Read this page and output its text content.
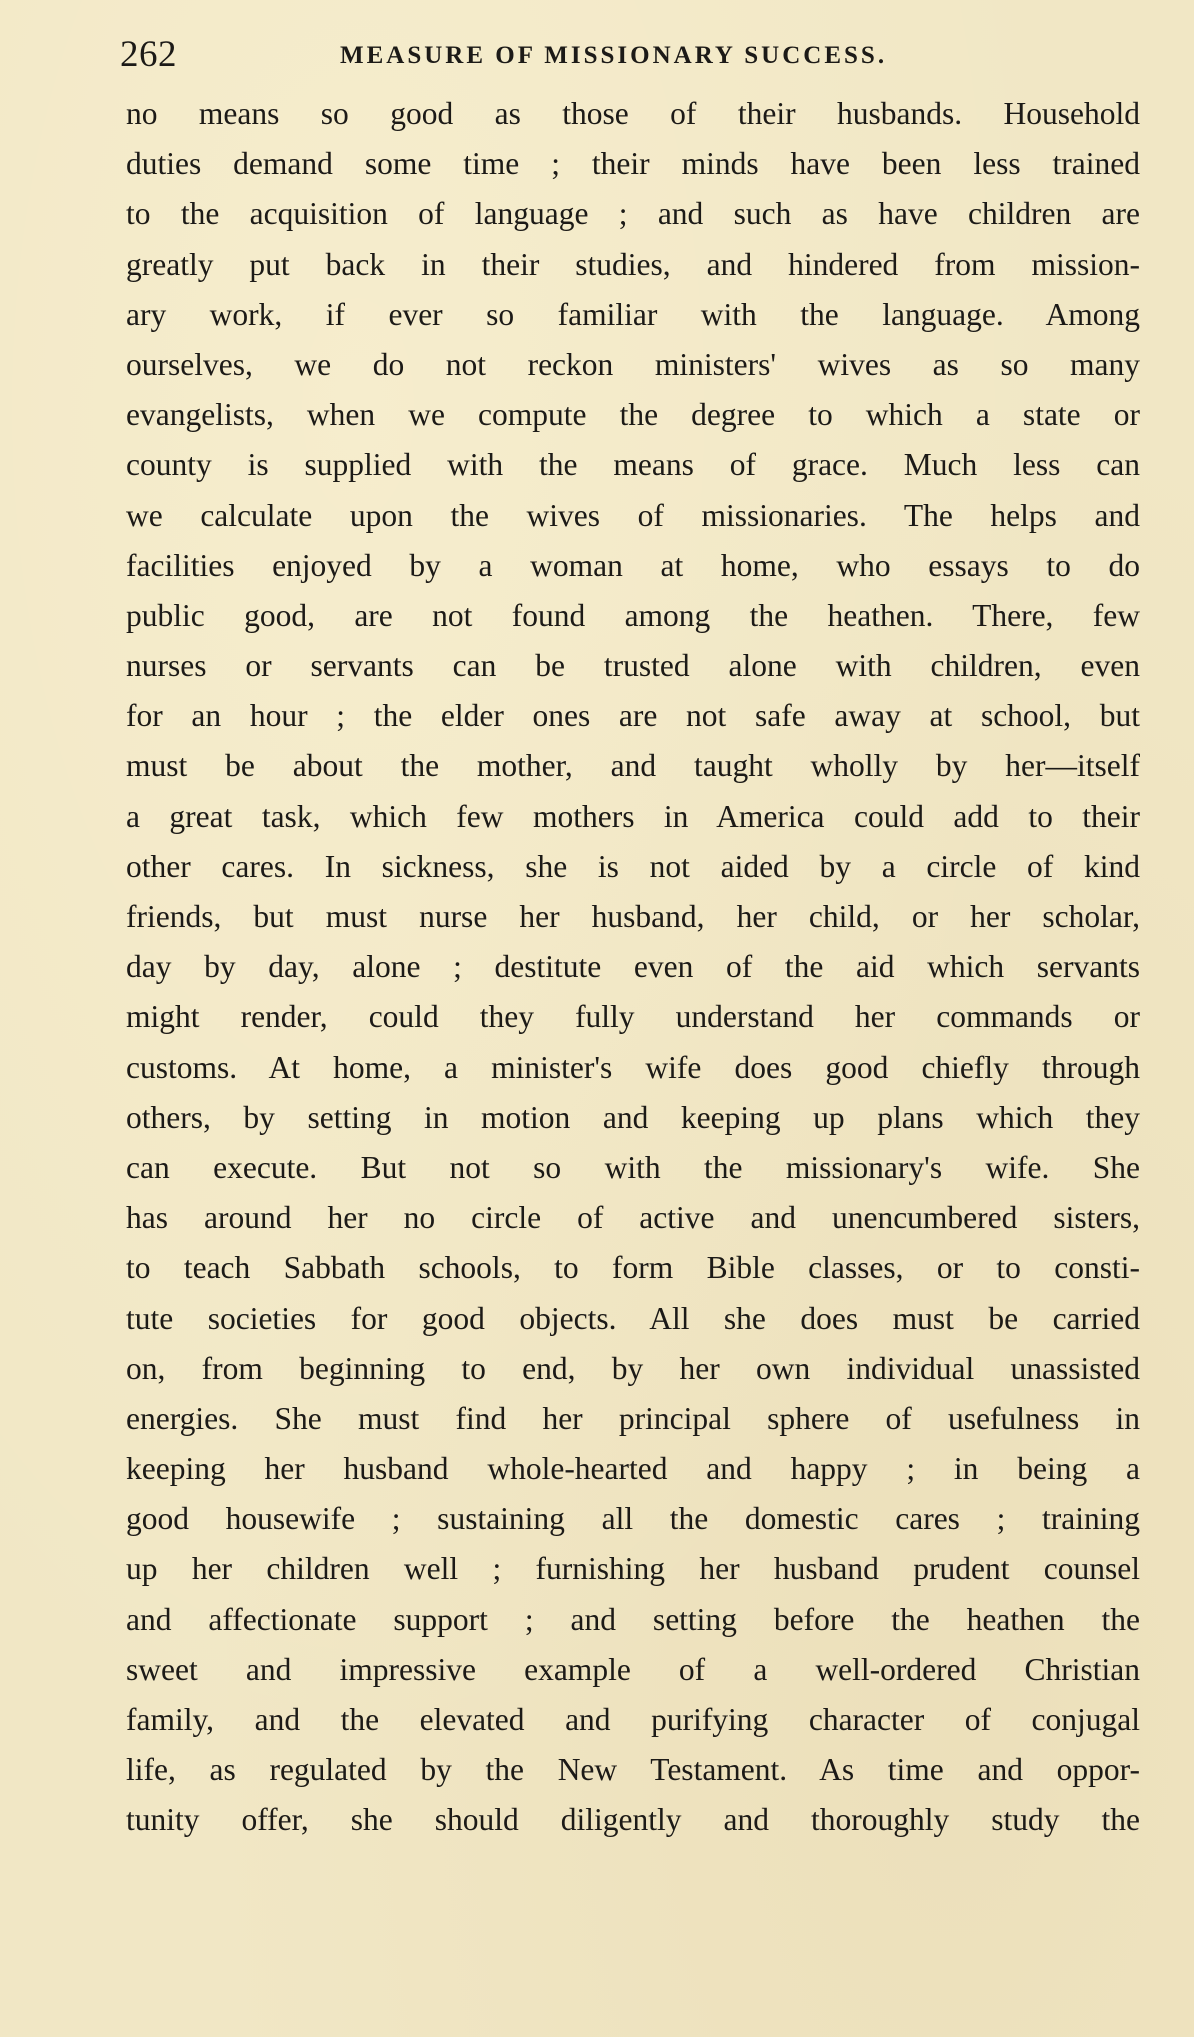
262	MEASURE OF MISSIONARY SUCCESS.
no means so good as those of their husbands. Household
duties demand some time ; their minds have been less trained
to the acquisition of language ; and such as have children are
greatly put back in their studies, and hindered from mission-
ary work, if ever so familiar with the language. Among
ourselves, we do not reckon ministers' wives as so many
evangelists, when we compute the degree to which a state or
county is supplied with the means of grace. Much less can
we calculate upon the wives of missionaries. The helps and
facilities enjoyed by a woman at home, who essays to do
public good, are not found among the heathen. There, few
nurses or servants can be trusted alone with children, even
for an hour ; the elder ones are not safe away at school, but
must be about the mother, and taught wholly by her—itself
a great task, which few mothers in America could add to their
other cares. In sickness, she is not aided by a circle of kind
friends, but must nurse her husband, her child, or her scholar,
day by day, alone ; destitute even of the aid which servants
might render, could they fully understand her commands or
customs. At home, a minister's wife does good chiefly through
others, by setting in motion and keeping up plans which they
can execute. But not so with the missionary's wife. She
has around her no circle of active and unencumbered sisters,
to teach Sabbath schools, to form Bible classes, or to consti-
tute societies for good objects. All she does must be carried
on, from beginning to end, by her own individual unassisted
energies. She must find her principal sphere of usefulness in
keeping her husband whole-hearted and happy ; in being a
good housewife ; sustaining all the domestic cares ; training
up her children well ; furnishing her husband prudent counsel
and affectionate support ; and setting before the heathen the
sweet and impressive example of a well-ordered Christian
family, and the elevated and purifying character of conjugal
life, as regulated by the New Testament. As time and oppor-
tunity offer, she should diligently and thoroughly study the
